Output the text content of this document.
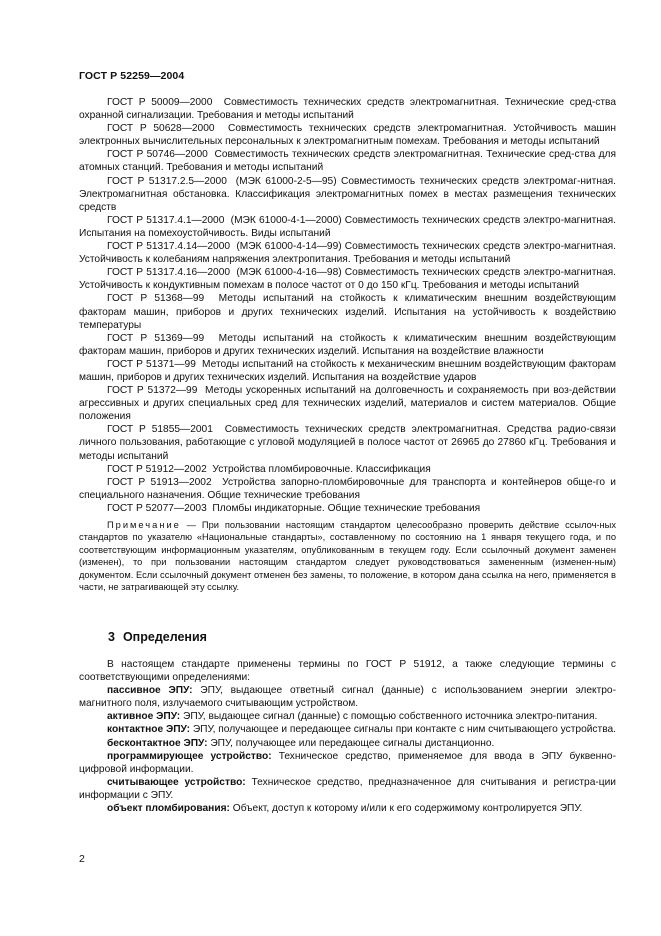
ГОСТ Р 52259—2004

ГОСТ Р 50009—2000 Совместимость технических средств электромагнитная. Технические сред-ства охранной сигнализации. Требования и методы испытаний

ГОСТ Р 50628—2000 Совместимость технических средств электромагнитная. Устойчивость машин электронных вычислительных персональных к электромагнитным помехам. Требования и методы испытаний

ГОСТ Р 50746—2000 Совместимость технических средств электромагнитная. Технические сред-ства для атомных станций. Требования и методы испытаний

ГОСТ Р 51317.2.5—2000 (МЭК 61000-2-5—95) Совместимость технических средств электромаг-нитная. Электромагнитная обстановка. Классификация электромагнитных помех в местах размещения технических средств

ГОСТ Р 51317.4.1—2000 (МЭК 61000-4-1—2000) Совместимость технических средств электро-магнитная. Испытания на помехоустойчивость. Виды испытаний

ГОСТ Р 51317.4.14—2000 (МЭК 61000-4-14—99) Совместимость технических средств электро-магнитная. Устойчивость к колебаниям напряжения электропитания. Требования и методы испытаний

ГОСТ Р 51317.4.16—2000 (МЭК 61000-4-16—98) Совместимость технических средств электро-магнитная. Устойчивость к кондуктивным помехам в полосе частот от 0 до 150 кГц. Требования и методы испытаний

ГОСТ Р 51368—99 Методы испытаний на стойкость к климатическим внешним воздействующим факторам машин, приборов и других технических изделий. Испытания на устойчивость к воздействию температуры

ГОСТ Р 51369—99 Методы испытаний на стойкость к климатическим внешним воздействующим факторам машин, приборов и других технических изделий. Испытания на воздействие влажности

ГОСТ Р 51371—99 Методы испытаний на стойкость к механическим внешним воздействующим факторам машин, приборов и других технических изделий. Испытания на воздействие ударов

ГОСТ Р 51372—99 Методы ускоренных испытаний на долговечность и сохраняемость при воз-действии агрессивных и других специальных сред для технических изделий, материалов и систем материалов. Общие положения

ГОСТ Р 51855—2001 Совместимость технических средств электромагнитная. Средства радио-связи личного пользования, работающие с угловой модуляцией в полосе частот от 26965 до 27860 кГц. Требования и методы испытаний

ГОСТ Р 51912—2002 Устройства пломбировочные. Классификация

ГОСТ Р 51913—2002 Устройства запорно-пломбировочные для транспорта и контейнеров обще-го и специального назначения. Общие технические требования

ГОСТ Р 52077—2003 Пломбы индикаторные. Общие технические требования

Примечание — При пользовании настоящим стандартом целесообразно проверить действие ссылоч-ных стандартов по указателю «Национальные стандарты», составленному по состоянию на 1 января текущего года, и по соответствующим информационным указателям, опубликованным в текущем году. Если ссылочный документ заменен (изменен), то при пользовании настоящим стандартом следует руководствоваться замененным (изменен-ным) документом. Если ссылочный документ отменен без замены, то положение, в котором дана ссылка на него, применяется в части, не затрагивающей эту ссылку.

3 Определения

В настоящем стандарте применены термины по ГОСТ Р 51912, а также следующие термины с соответствующими определениями:

пассивное ЭПУ: ЭПУ, выдающее ответный сигнал (данные) с использованием энергии электро-магнитного поля, излучаемого считывающим устройством.

активное ЭПУ: ЭПУ, выдающее сигнал (данные) с помощью собственного источника электро-питания.

контактное ЭПУ: ЭПУ, получающее и передающее сигналы при контакте с ним считывающего устройства.

бесконтактное ЭПУ: ЭПУ, получающее или передающее сигналы дистанционно.

программирующее устройство: Техническое средство, применяемое для ввода в ЭПУ буквенно-цифровой информации.

считывающее устройство: Техническое средство, предназначенное для считывания и регистра-ции информации с ЭПУ.

объект пломбирования: Объект, доступ к которому и/или к его содержимому контролируется ЭПУ.

2
